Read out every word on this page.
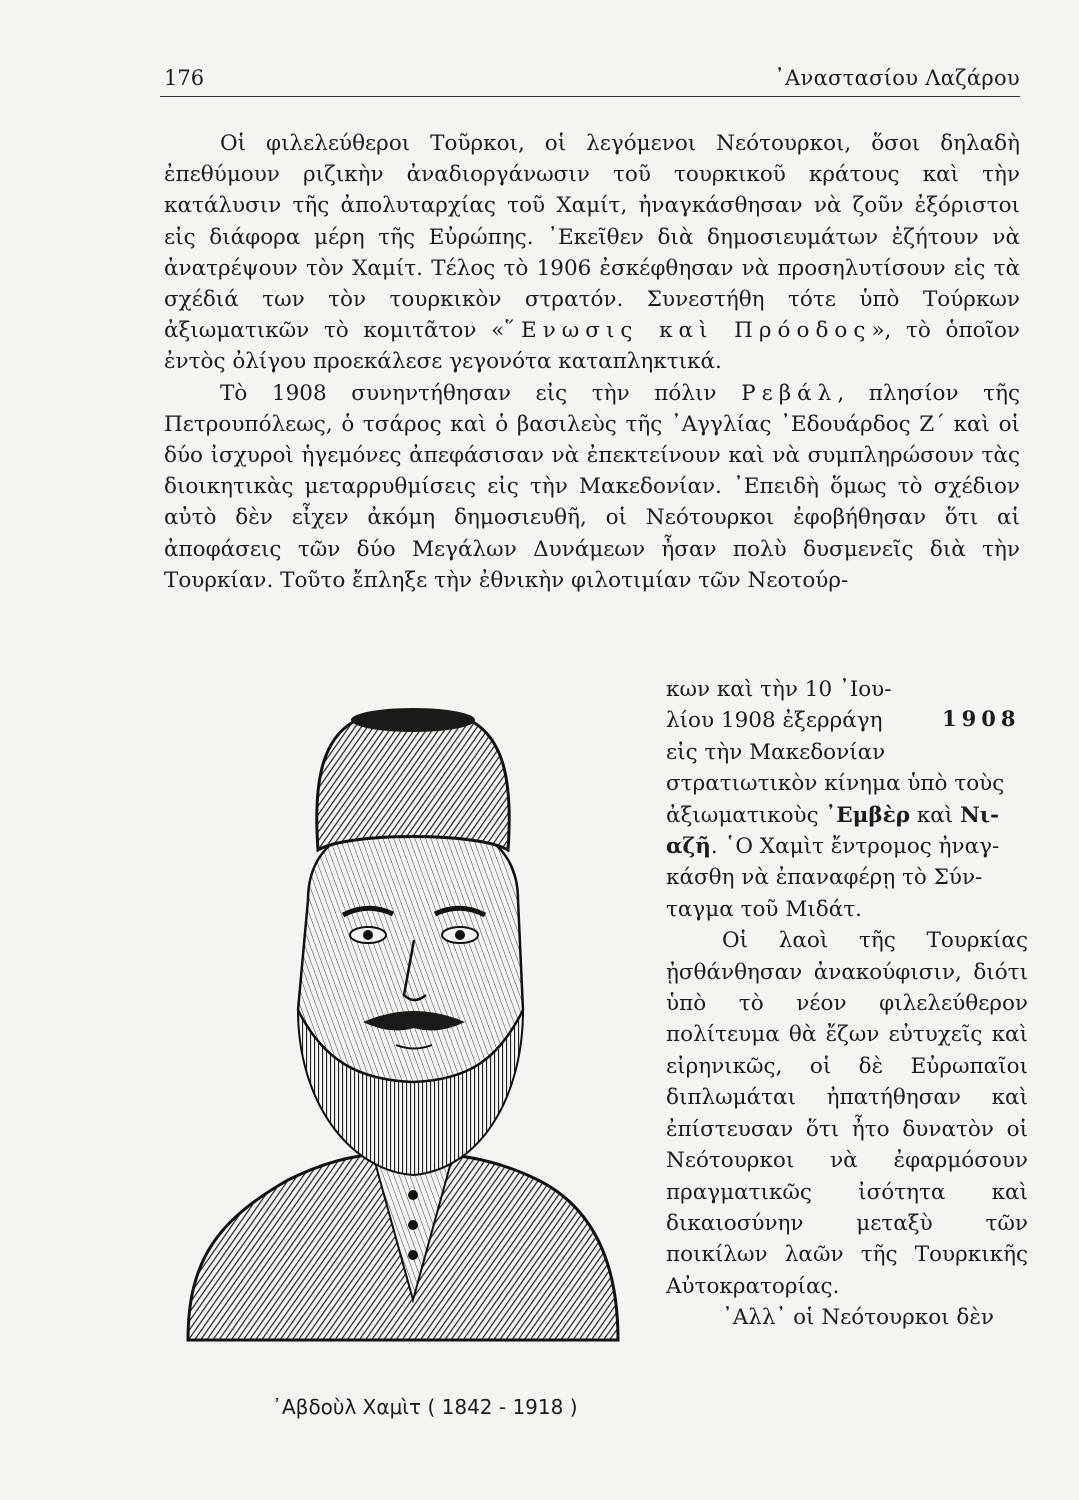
176	᾿Αναστασίου Λαζάρου

Οἱ φιλελεύθεροι Τοῦρκοι, οἱ λεγόμενοι Νεότουρκοι, ὅσοι δηλαδὴ ἐπεθύμουν ριζικὴν ἀναδιοργάνωσιν τοῦ τουρκικοῦ κράτους καὶ τὴν κατάλυσιν τῆς ἀπολυταρχίας τοῦ Χαμίτ, ἠναγκάσθησαν νὰ ζοῦν ἐξόριστοι εἰς διάφορα μέρη τῆς Εὐρώπης. ᾿Εκεῖθεν διὰ δημοσιευμάτων ἐζήτουν νὰ ἀνατρέψουν τὸν Χαμίτ. Τέλος τὸ 1906 ἐσκέφθησαν νὰ προσηλυτίσουν εἰς τὰ σχέδιά των τὸν τουρκικὸν στρατόν. Συνεστήθη τότε ὑπὸ Τούρκων ἀξιωματικῶν τὸ κομιτᾶτον «῞Ενωσις καὶ Πρόοδος», τὸ ὁποῖον ἐντὸς ὀλίγου προεκάλεσε γεγονότα καταπληκτικά.

Τὸ 1908 συνηντήθησαν εἰς τὴν πόλιν Ρεβάλ, πλησίον τῆς Πετρουπόλεως, ὁ τσάρος καὶ ὁ βασιλεὺς τῆς ᾿Αγγλίας ᾿Εδουάρδος Ζ΄ καὶ οἱ δύο ἰσχυροὶ ἡγεμόνες ἀπεφάσισαν νὰ ἐπεκτείνουν καὶ νὰ συμπληρώσουν τὰς διοικητικὰς μεταρρυθμίσεις εἰς τὴν Μακεδονίαν. ᾿Επειδὴ ὅμως τὸ σχέδιον αὐτὸ δὲν εἶχεν ἀκόμη δημοσιευθῆ, οἱ Νεότουρκοι ἐφοβήθησαν ὅτι αἱ ἀποφάσεις τῶν δύο Μεγάλων Δυνάμεων ἦσαν πολὺ δυσμενεῖς διὰ τὴν Τουρκίαν. Τοῦτο ἔπληξε τὴν ἐθνικὴν φιλοτιμίαν τῶν Νεοτούρ-

1908

κων καὶ τὴν 10 ᾿Ιου-

λίου 1908 ἐξερράγη

εἰς τὴν Μακεδονίαν

στρατιωτικὸν κίνημα ὑπὸ τοὺς

ἀξιωματικοὺς ᾿Εμβὲρ καὶ Νι-

αζῆ. ῾Ο Χαμὶτ ἔντρομος ἠναγ-

κάσθη νὰ ἐπαναφέρῃ τὸ Σύν-

ταγμα τοῦ Μιδάτ.

Οἱ λαοὶ τῆς Τουρκίας ᾐσθάνθησαν ἀνακούφισιν, διότι ὑπὸ τὸ νέον φιλελεύθερον πολίτευμα θὰ ἔζων εὐτυχεῖς καὶ εἰρηνικῶς, οἱ δὲ Εὐρωπαῖοι διπλωμάται ἠπατήθησαν καὶ ἐπίστευσαν ὅτι ἦτο δυνατὸν οἱ Νεότουρκοι νὰ ἐφαρμόσουν πραγματικῶς ἰσότητα καὶ δικαιοσύνην μεταξὺ τῶν ποικίλων λαῶν τῆς Τουρκικῆς Αὐτοκρατορίας.

᾿Αλλ᾿ οἱ Νεότουρκοι δὲν

᾿Αβδοὺλ Χαμὶτ ( 1842 - 1918 )
